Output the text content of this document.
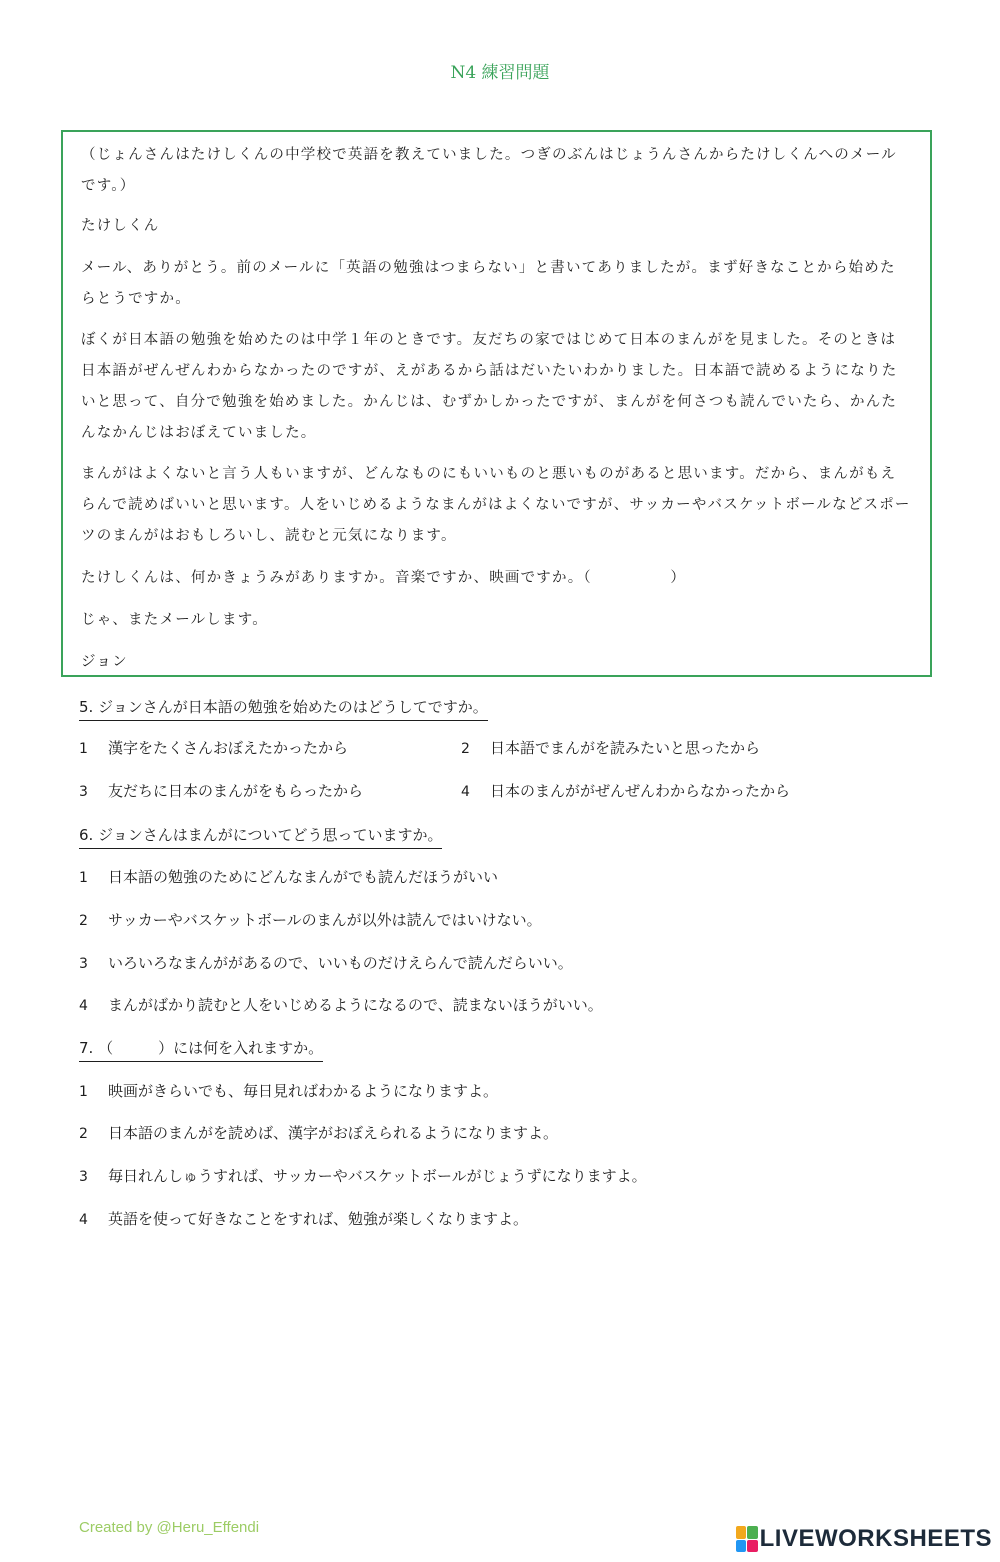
N4 練習問題

（じょんさんはたけしくんの中学校で英語を教えていました。つぎのぶんはじょうんさんからたけしくんへのメールです。）

たけしくん

メール、ありがとう。前のメールに「英語の勉強はつまらない」と書いてありましたが。まず好きなことから始めたらとうですか。

ぼくが日本語の勉強を始めたのは中学１年のときです。友だちの家ではじめて日本のまんがを見ました。そのときは日本語がぜんぜんわからなかったのですが、えがあるから話はだいたいわかりました。日本語で読めるようになりたいと思って、自分で勉強を始めました。かんじは、むずかしかったですが、まんがを何さつも読んでいたら、かんたんなかんじはおぼえていました。

まんがはよくないと言う人もいますが、どんなものにもいいものと悪いものがあると思います。だから、まんがもえらんで読めばいいと思います。人をいじめるようなまんがはよくないですが、サッカーやバスケットボールなどスポーツのまんがはおもしろいし、読むと元気になります。

たけしくんは、何かきょうみがありますか。音楽ですか、映画ですか。（　　　　　）

じゃ、またメールします。

ジョン

5. ジョンさんが日本語の勉強を始めたのはどうしてですか。
1 漢字をたくさんおぼえたかったから	2 日本語でまんがを読みたいと思ったから
3 友だちに日本のまんがをもらったから	4 日本のまんががぜんぜんわからなかったから
6. ジョンさんはまんがについてどう思っていますか。
1 日本語の勉強のためにどんなまんがでも読んだほうがいい
2 サッカーやバスケットボールのまんが以外は読んではいけない。
3 いろいろなまんががあるので、いいものだけえらんで読んだらいい。
4 まんがばかり読むと人をいじめるようになるので、読まないほうがいい。
7. （　　　）には何を入れますか。
1 映画がきらいでも、毎日見ればわかるようになりますよ。
2 日本語のまんがを読めば、漢字がおぼえられるようになりますよ。
3 毎日れんしゅうすれば、サッカーやバスケットボールがじょうずになりますよ。
4 英語を使って好きなことをすれば、勉強が楽しくなりますよ。
Created by @Heru_Effendi	LIVEWORKSHEETS
